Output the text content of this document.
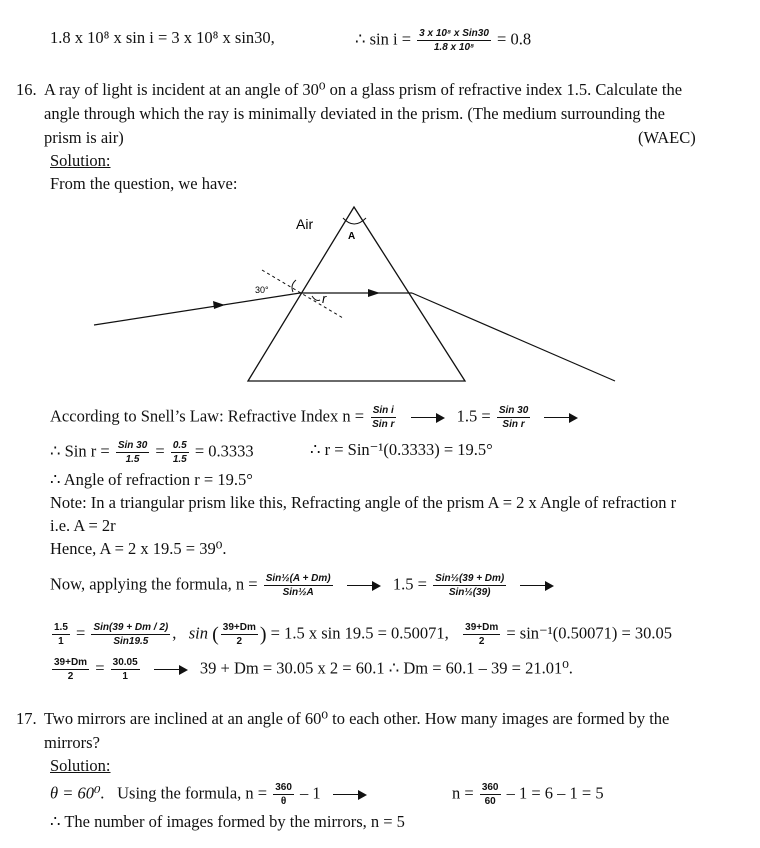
1.8 x 10⁸ x sin i = 3 x 10⁸ x sin30,	∴ $\sin i = \frac{\text{3 x 10⁸ x Sin30}}{\text{1.8 x 10⁸}} = 0.8$
16. A ray of light is incident at an angle of 30⁰ on a glass prism of refractive index 1.5. Calculate the
angle through which the ray is minimally deviated in the prism. (The medium surrounding the
prism is air)	(WAEC)
Solution:
From the question, we have:
Air
A
30°
r
According to Snell’s Law: Refractive Index $n = \frac{\text{Sin i}}{\text{Sin r}}$	$1.5 = \frac{\text{Sin 30}}{\text{Sin r}}$

∴ Sin $r = \frac{\text{Sin 30}}{1.5} = \frac{0.5}{1.5} = 0.3333$	∴ r = Sin⁻¹(0.3333) = 19.5°
∴ Angle of refraction r = 19.5°
Note: In a triangular prism like this, Refracting angle of the prism A = 2 x Angle of refraction r
i.e. A = 2r
Hence, A = 2 x 19.5 = 39⁰.
Now, applying the formula, $n = \frac{\text{Sin½(A + Dm)}}{\text{Sin½A}}$	$1.5 = \frac{\text{Sin½(39 + Dm)}}{\text{Sin½(39)}}$

$\frac{1.5}{1} = \frac{\text{Sin(39 + Dm / 2)}}{\text{Sin19.5}}$ ,   sin ( $\frac{39+Dm}{2}$ ) = 1.5 x sin 19.5 = 0.50071, $\frac{39+Dm}{2} = \sin^{-1}(0.50071) = 30.05$
$\frac{39+Dm}{2} = \frac{30.05}{1}$	39 + Dm = 30.05 x 2 = 60.1 ∴ Dm = 60.1 – 39 = 21.01⁰.
17. Two mirrors are inclined at an angle of 60⁰ to each other. How many images are formed by the
mirrors?
Solution:
θ = 60⁰. Using the formula, $n = \frac{360}{\theta} - 1$	$n = \frac{360}{60} - 1 = 6 - 1 = 5$
∴ The number of images formed by the mirrors, n = 5
